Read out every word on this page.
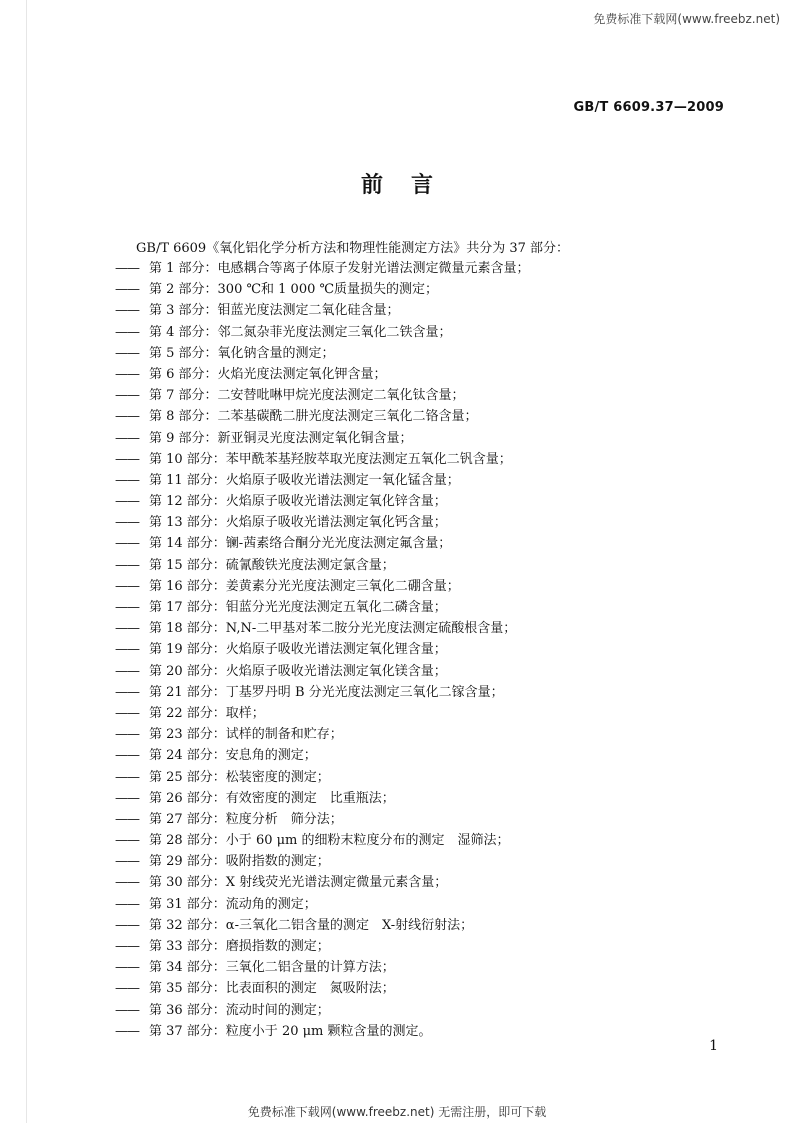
免费标准下载网(www.freebz.net)
GB/T 6609.37—2009
前言
GB/T 6609《氧化铝化学分析方法和物理性能测定方法》共分为 37 部分：
—— 第 1 部分：电感耦合等离子体原子发射光谱法测定微量元素含量；
—— 第 2 部分：300 ℃和 1 000 ℃质量损失的测定；
—— 第 3 部分：钼蓝光度法测定二氧化硅含量；
—— 第 4 部分：邻二氮杂菲光度法测定三氧化二铁含量；
—— 第 5 部分：氧化钠含量的测定；
—— 第 6 部分：火焰光度法测定氧化钾含量；
—— 第 7 部分：二安替吡啉甲烷光度法测定二氧化钛含量；
—— 第 8 部分：二苯基碳酰二肼光度法测定三氧化二铬含量；
—— 第 9 部分：新亚铜灵光度法测定氧化铜含量；
—— 第 10 部分：苯甲酰苯基羟胺萃取光度法测定五氧化二钒含量；
—— 第 11 部分：火焰原子吸收光谱法测定一氧化锰含量；
—— 第 12 部分：火焰原子吸收光谱法测定氧化锌含量；
—— 第 13 部分：火焰原子吸收光谱法测定氧化钙含量；
—— 第 14 部分：镧-茜素络合酮分光光度法测定氟含量；
—— 第 15 部分：硫氰酸铁光度法测定氯含量；
—— 第 16 部分：姜黄素分光光度法测定三氧化二硼含量；
—— 第 17 部分：钼蓝分光光度法测定五氧化二磷含量；
—— 第 18 部分：N,N-二甲基对苯二胺分光光度法测定硫酸根含量；
—— 第 19 部分：火焰原子吸收光谱法测定氧化锂含量；
—— 第 20 部分：火焰原子吸收光谱法测定氧化镁含量；
—— 第 21 部分：丁基罗丹明 B 分光光度法测定三氧化二镓含量；
—— 第 22 部分：取样；
—— 第 23 部分：试样的制备和贮存；
—— 第 24 部分：安息角的测定；
—— 第 25 部分：松装密度的测定；
—— 第 26 部分：有效密度的测定　比重瓶法；
—— 第 27 部分：粒度分析　筛分法；
—— 第 28 部分：小于 60 μm 的细粉末粒度分布的测定　湿筛法；
—— 第 29 部分：吸附指数的测定；
—— 第 30 部分：X 射线荧光光谱法测定微量元素含量；
—— 第 31 部分：流动角的测定；
—— 第 32 部分：α-三氧化二铝含量的测定　X-射线衍射法；
—— 第 33 部分：磨损指数的测定；
—— 第 34 部分：三氧化二铝含量的计算方法；
—— 第 35 部分：比表面积的测定　氮吸附法；
—— 第 36 部分：流动时间的测定；
—— 第 37 部分：粒度小于 20 μm 颗粒含量的测定。
1
免费标准下载网(www.freebz.net) 无需注册，即可下载
